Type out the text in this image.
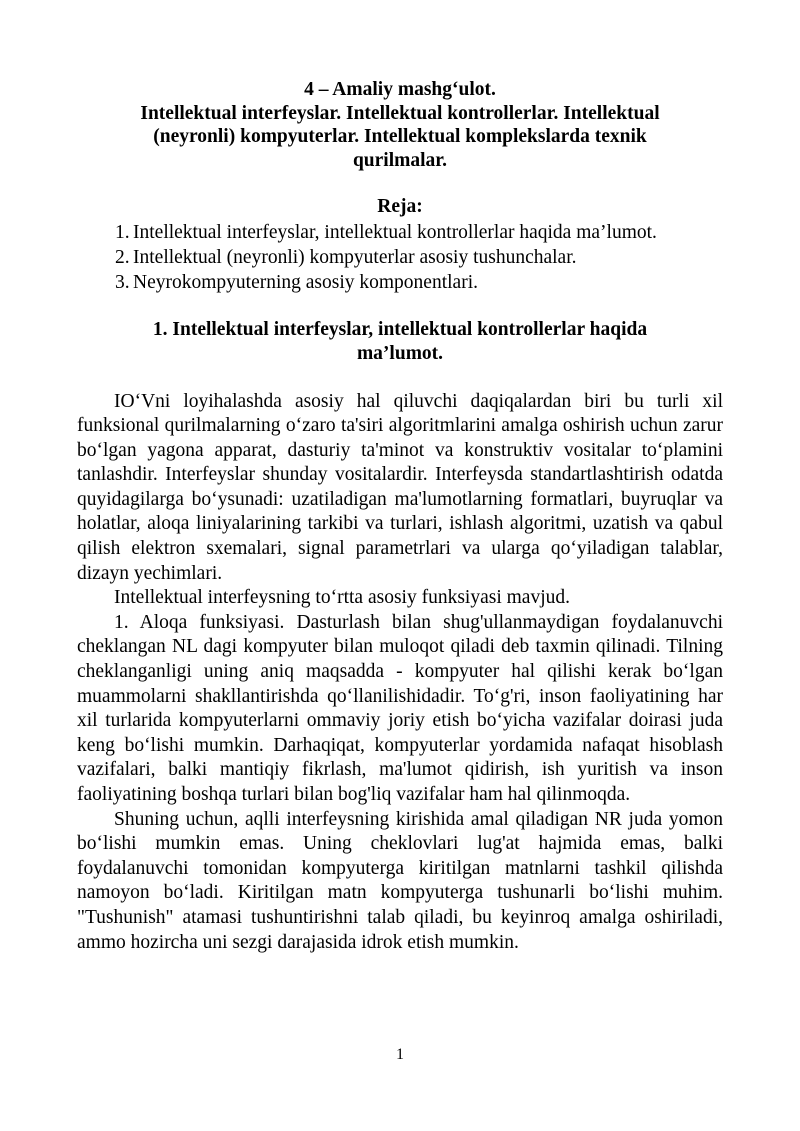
4 – Amaliy mashg‘ulot.
Intellektual interfeyslar. Intellektual kontrollerlar. Intellektual
(neyronli) kompyuterlar. Intellektual komplekslarda texnik
qurilmalar.
Reja:
1. Intellektual interfeyslar, intellektual kontrollerlar haqida ma’lumot.
2. Intellektual (neyronli) kompyuterlar asosiy tushunchalar.
3. Neyrokompyuterning asosiy komponentlari.
1. Intellektual interfeyslar, intellektual kontrollerlar haqida
ma’lumot.

IO‘Vni loyihalashda asosiy hal qiluvchi daqiqalardan biri bu turli xil funksional qurilmalarning o‘zaro ta'siri algoritmlarini amalga oshirish uchun zarur bo‘lgan yagona apparat, dasturiy ta'minot va konstruktiv vositalar to‘plamini tanlashdir. Interfeyslar shunday vositalardir. Interfeysda standartlashtirish odatda quyidagilarga bo‘ysunadi: uzatiladigan ma'lumotlarning formatlari, buyruqlar va holatlar, aloqa liniyalarining tarkibi va turlari, ishlash algoritmi, uzatish va qabul qilish elektron sxemalari, signal parametrlari va ularga qo‘yiladigan talablar, dizayn yechimlari.

Intellektual interfeysning to‘rtta asosiy funksiyasi mavjud.

1. Aloqa funksiyasi. Dasturlash bilan shug'ullanmaydigan foydalanuvchi cheklangan NL dagi kompyuter bilan muloqot qiladi deb taxmin qilinadi. Tilning cheklanganligi uning aniq maqsadda - kompyuter hal qilishi kerak bo‘lgan muammolarni shakllantirishda qo‘llanilishidadir. To‘g'ri, inson faoliyatining har xil turlarida kompyuterlarni ommaviy joriy etish bo‘yicha vazifalar doirasi juda keng bo‘lishi mumkin. Darhaqiqat, kompyuterlar yordamida nafaqat hisoblash vazifalari, balki mantiqiy fikrlash, ma'lumot qidirish, ish yuritish va inson faoliyatining boshqa turlari bilan bog'liq vazifalar ham hal qilinmoqda.

Shuning uchun, aqlli interfeysning kirishida amal qiladigan NR juda yomon bo‘lishi mumkin emas. Uning cheklovlari lug'at hajmida emas, balki foydalanuvchi tomonidan kompyuterga kiritilgan matnlarni tashkil qilishda namoyon bo‘ladi. Kiritilgan matn kompyuterga tushunarli bo‘lishi muhim. "Tushunish" atamasi tushuntirishni talab qiladi, bu keyinroq amalga oshiriladi, ammo hozircha uni sezgi darajasida idrok etish mumkin.

1
